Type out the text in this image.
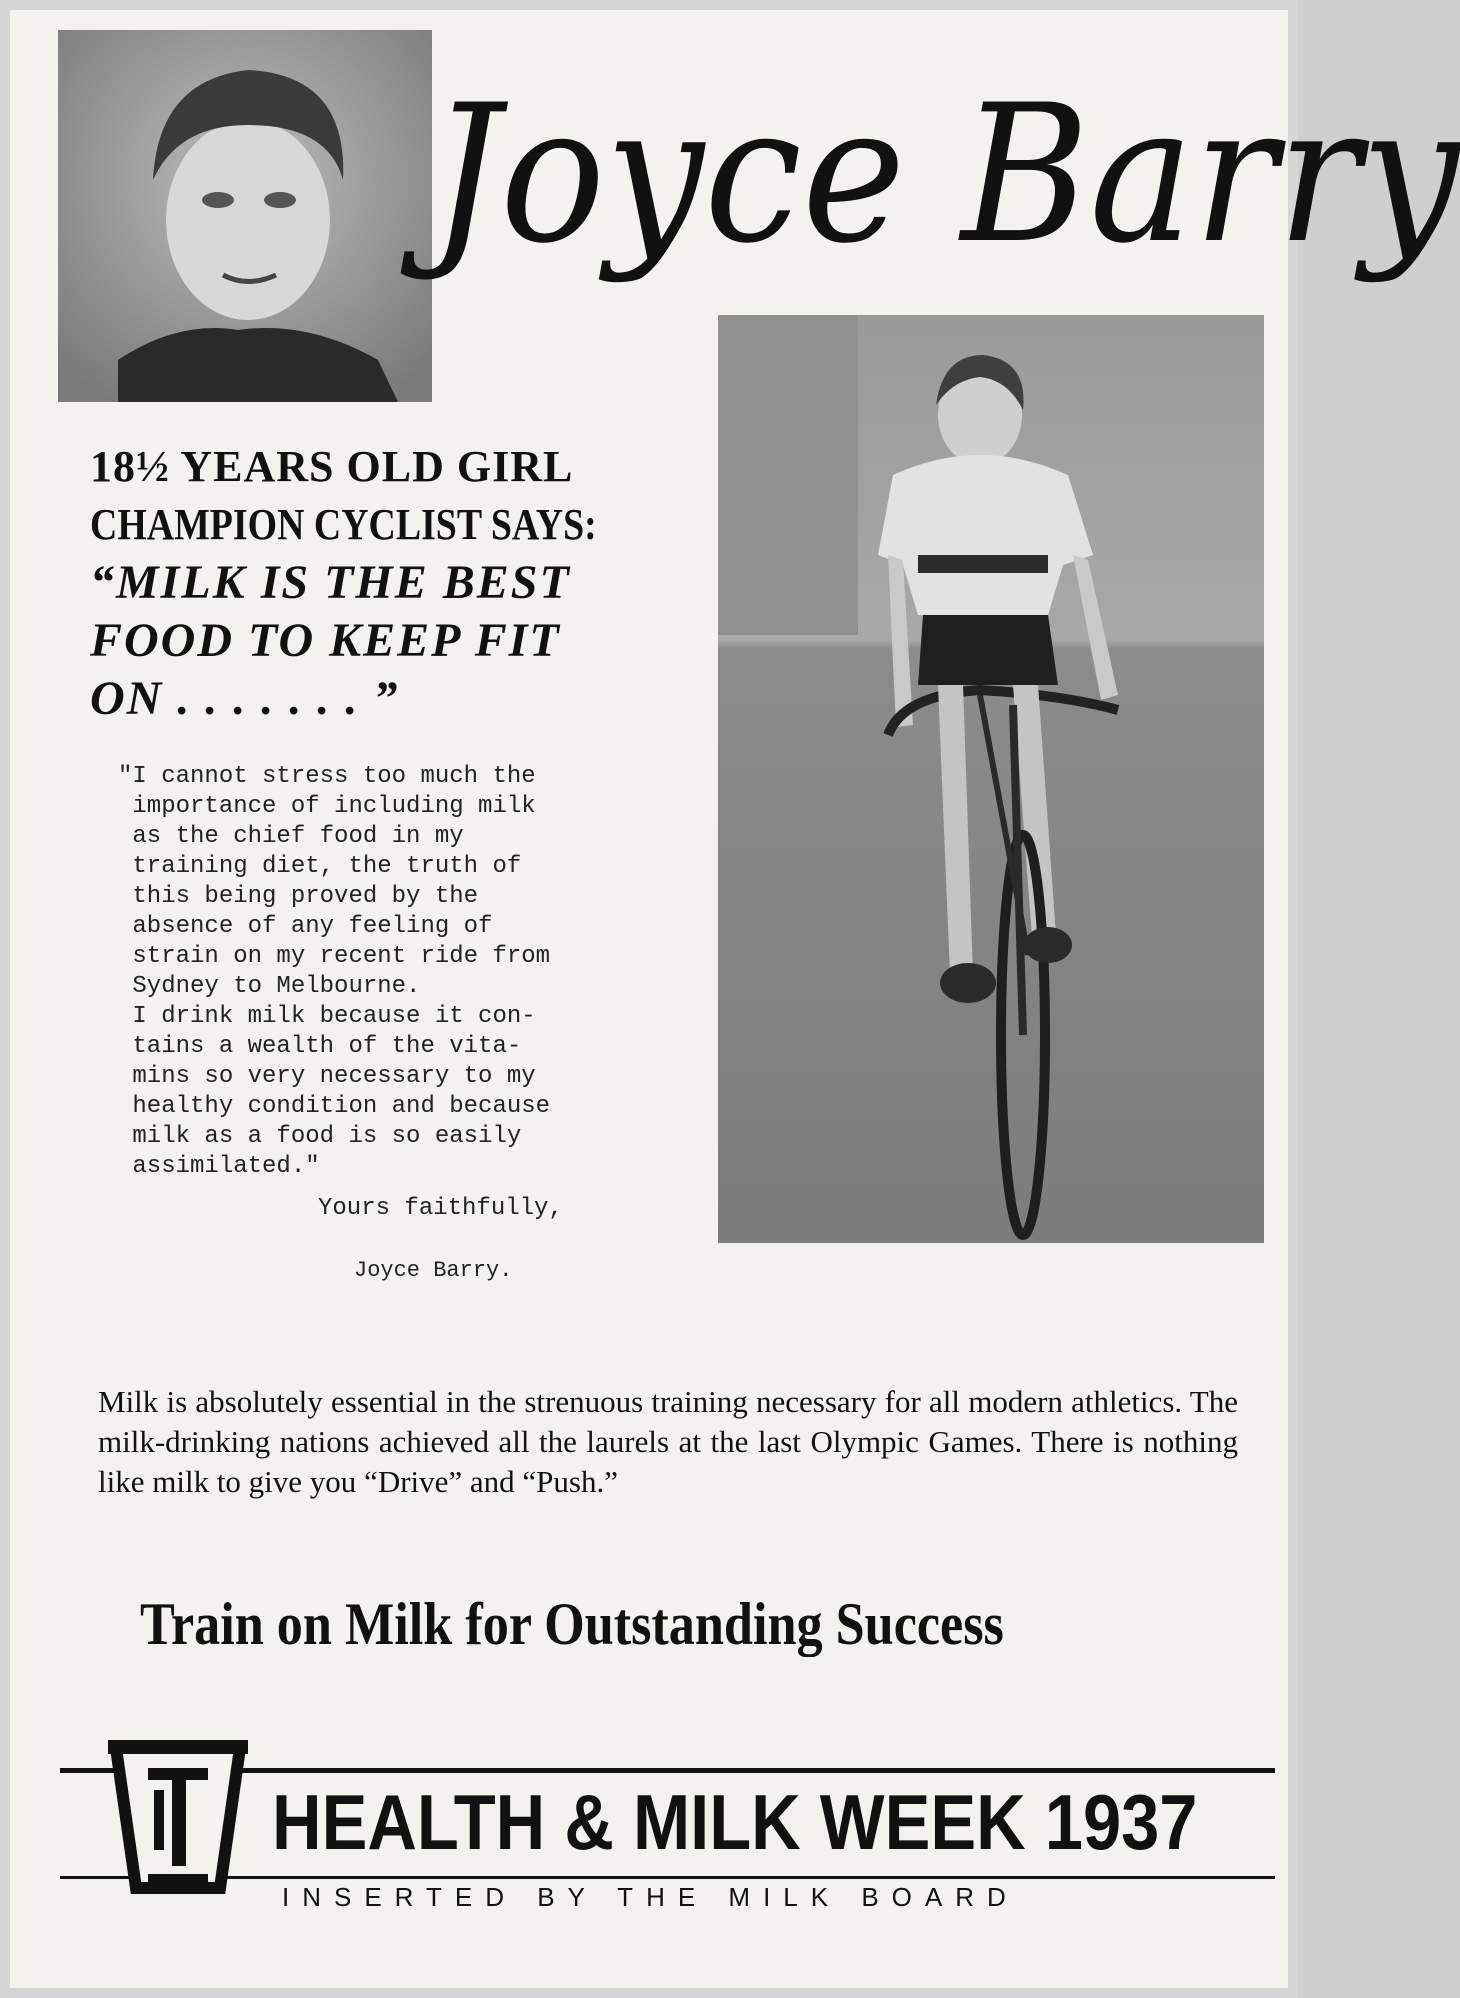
Joyce Barry
18½ YEARS OLD GIRL
CHAMPION CYCLIST SAYS:
“MILK IS THE BEST
FOOD TO KEEP FIT
ON . . . . . . . ”
"I cannot stress too much the
importance of including milk
as the chief food in my
training diet, the truth of
this being proved by the
absence of any feeling of
strain on my recent ride from
Sydney to Melbourne.
I drink milk because it con-
tains a wealth of the vita-
mins so very necessary to my
healthy condition and because
milk as a food is so easily
assimilated."
Yours faithfully,
Joyce Barry.
Milk is absolutely essential in the strenuous training necessary for all modern athletics. The milk-drinking nations achieved all the laurels at the last Olympic Games. There is nothing like milk to give you “Drive” and “Push.”
Train on Milk for Outstanding Success
HEALTH & MILK WEEK 1937
INSERTED BY THE MILK BOARD
